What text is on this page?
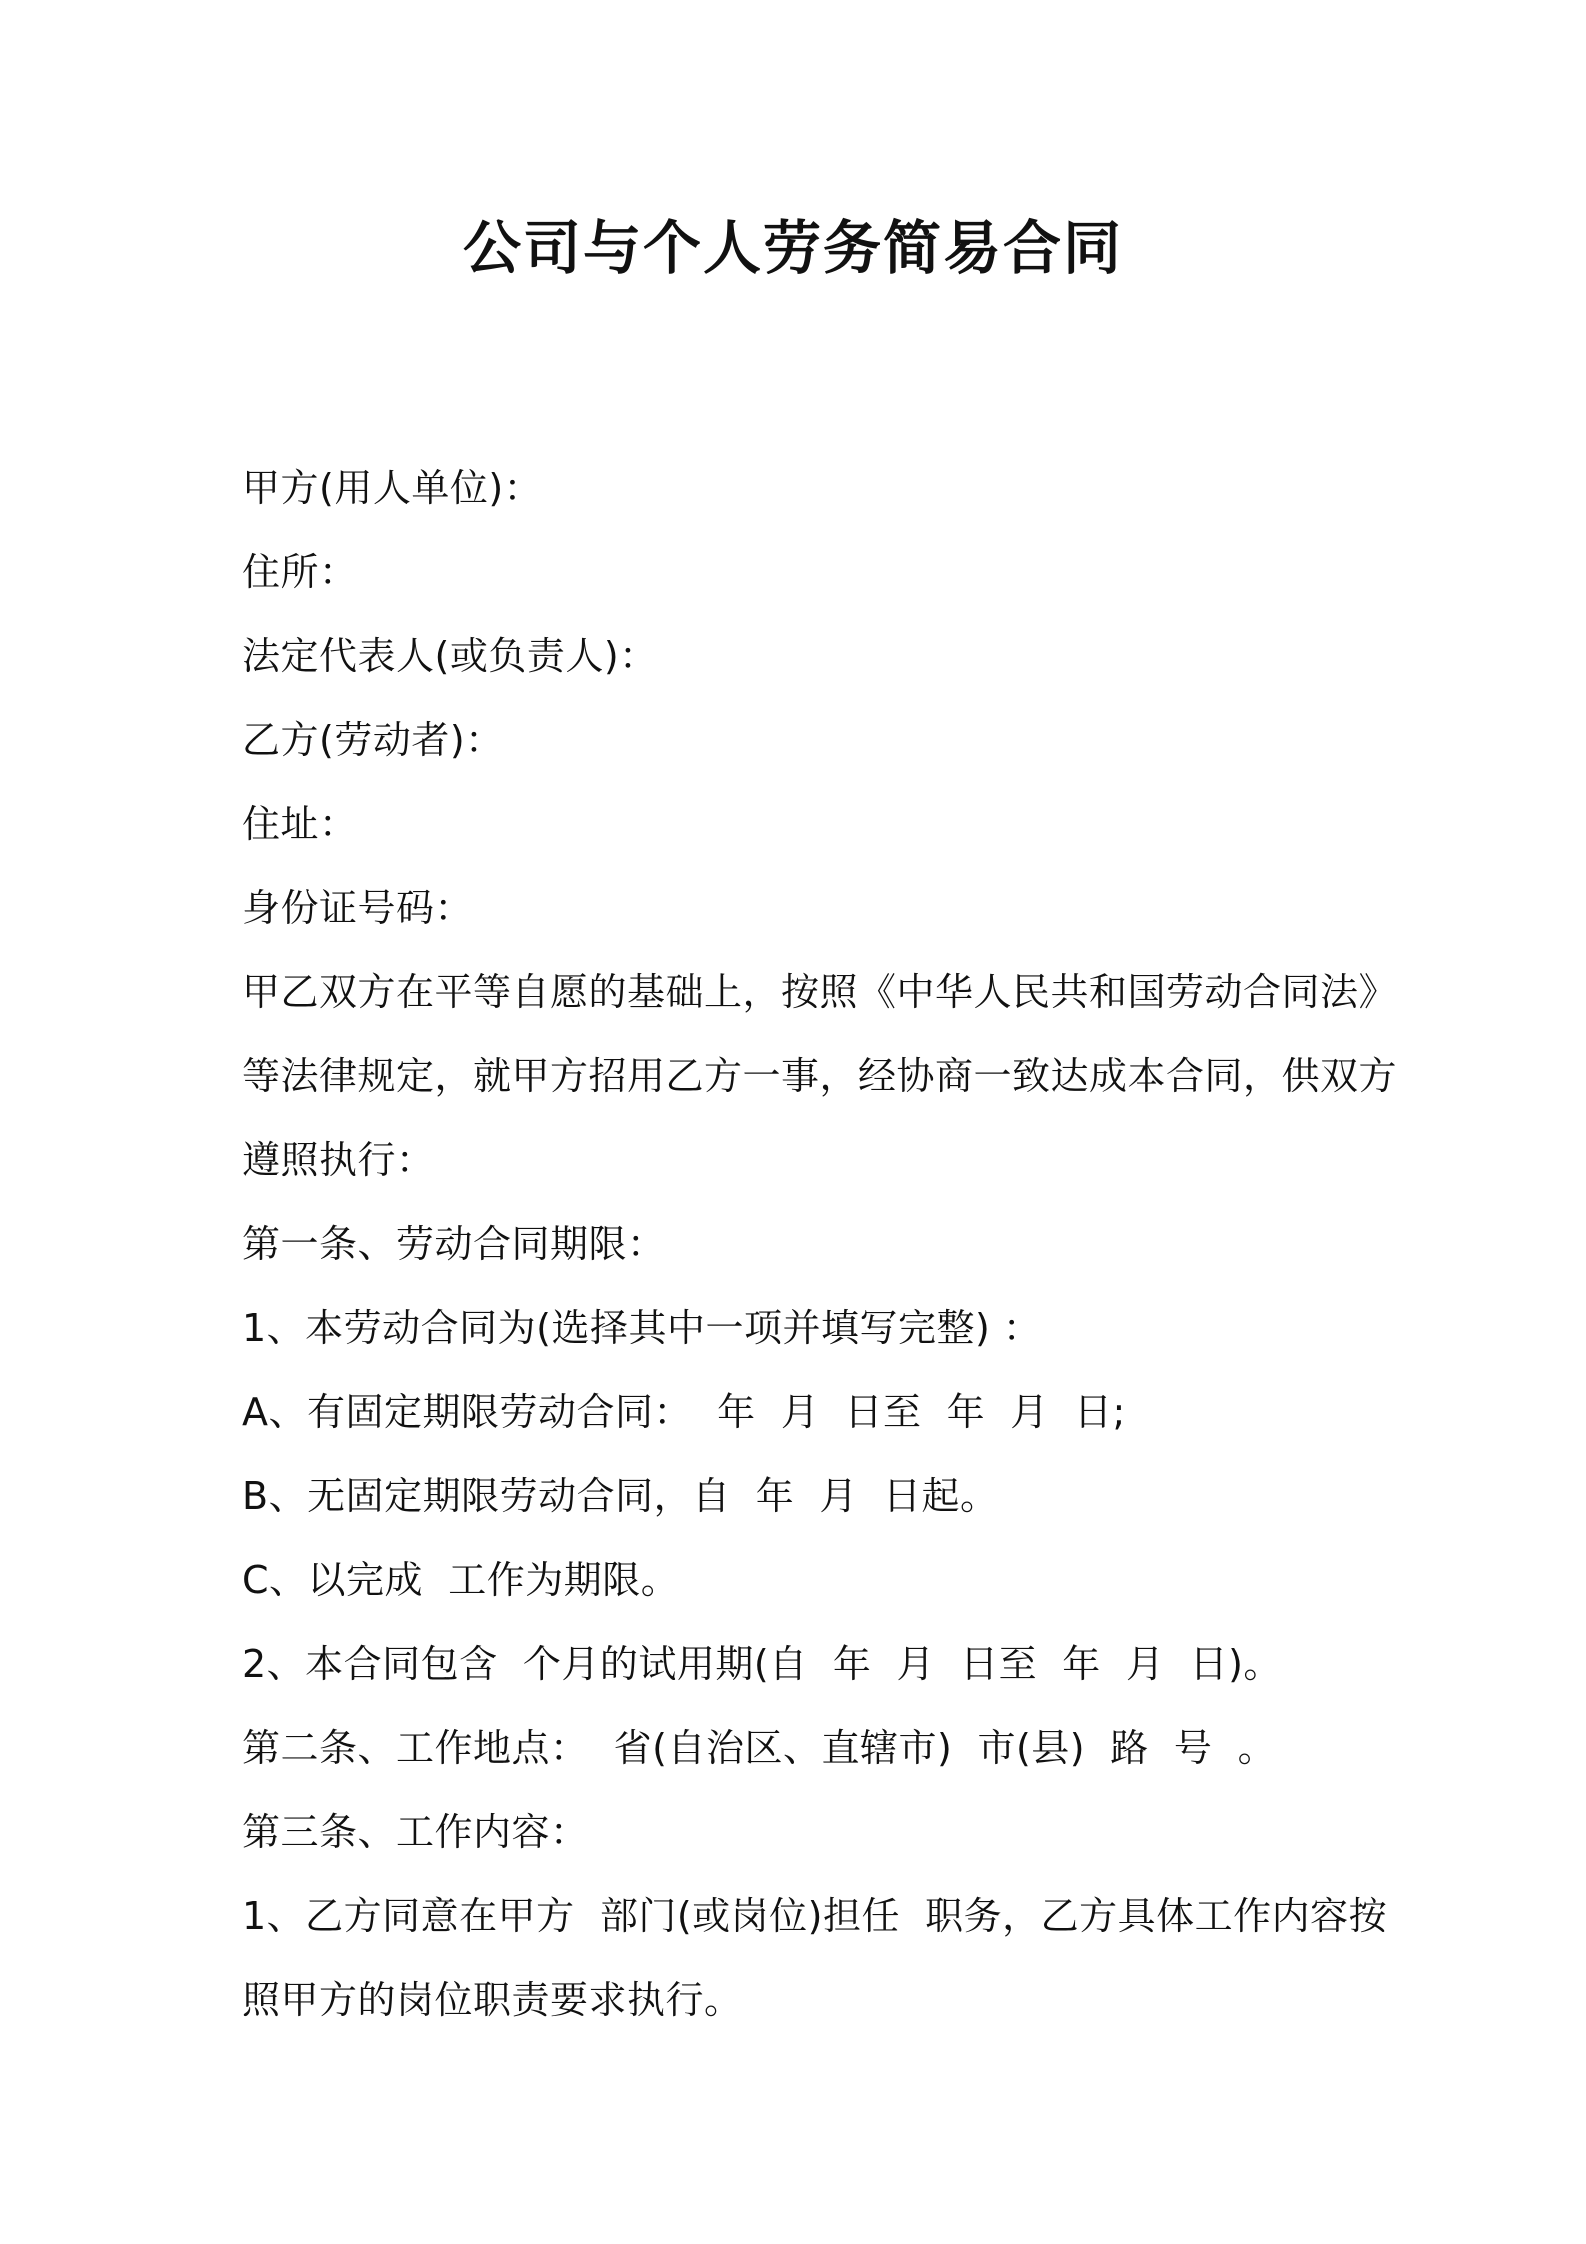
公司与个人劳务简易合同

甲方(用人单位)：

住所：

法定代表人(或负责人)：

乙方(劳动者)：

住址：

身份证号码：

甲乙双方在平等自愿的基础上，按照《中华人民共和国劳动合同法》

等法律规定，就甲方招用乙方一事，经协商一致达成本合同，供双方

遵照执行：

第一条、劳动合同期限：

1、本劳动合同为(选择其中一项并填写完整) ：

A、有固定期限劳动合同：  年  月  日至  年  月  日;

B、无固定期限劳动合同，自  年  月  日起。

C、以完成  工作为期限。

2、本合同包含  个月的试用期(自  年  月  日至  年  月  日)。

第二条、工作地点：  省(自治区、直辖市)  市(县)  路  号  。

第三条、工作内容：

1、乙方同意在甲方  部门(或岗位)担任  职务，乙方具体工作内容按

照甲方的岗位职责要求执行。
